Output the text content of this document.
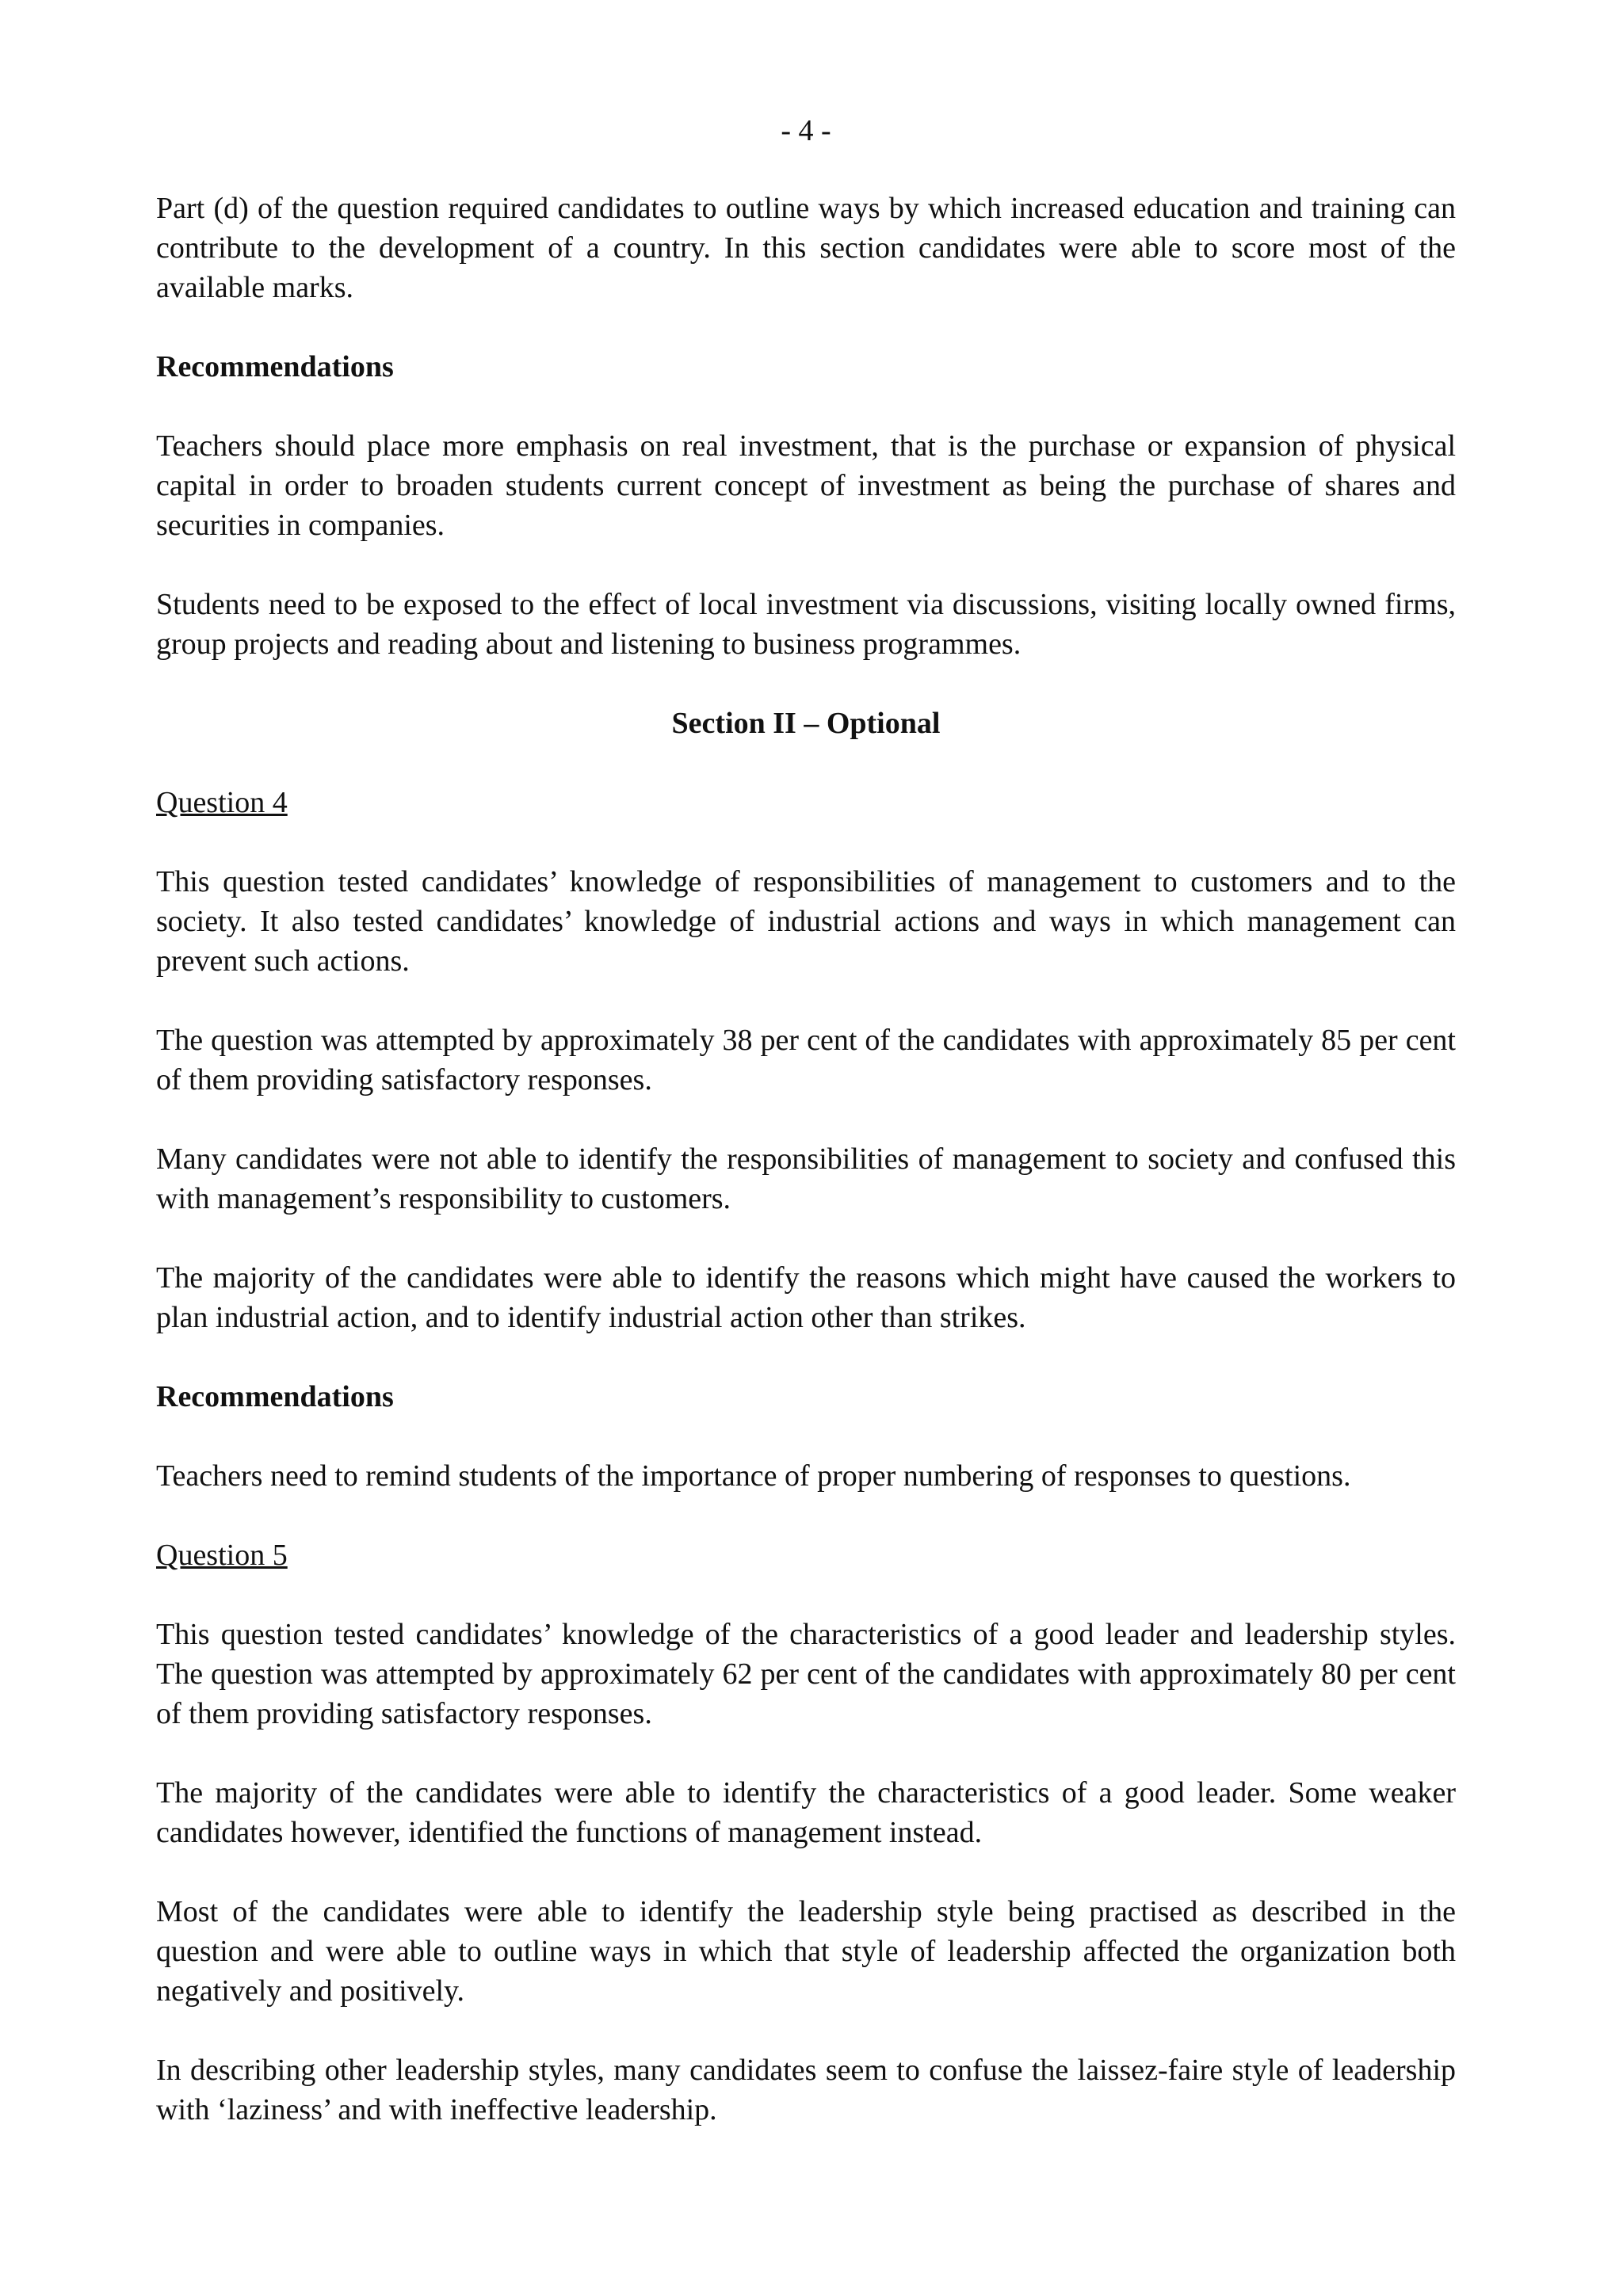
- 4 -

Part (d) of the question required candidates to outline ways by which increased education and training can contribute to the development of a country. In this section candidates were able to score most of the available marks.

Recommendations

Teachers should place more emphasis on real investment, that is the purchase or expansion of physical capital in order to broaden students current concept of investment as being the purchase of shares and securities in companies.

Students need to be exposed to the effect of local investment via discussions, visiting locally owned firms, group projects and reading about and listening to business programmes.

Section II – Optional
Question 4

This question tested candidates’ knowledge of responsibilities of management to customers and to the society. It also tested candidates’ knowledge of industrial actions and ways in which management can prevent such actions.

The question was attempted by approximately 38 per cent of the candidates with approximately 85 per cent of them providing satisfactory responses.

Many candidates were not able to identify the responsibilities of management to society and confused this with management’s responsibility to customers.

The majority of the candidates were able to identify the reasons which might have caused the workers to plan industrial action, and to identify industrial action other than strikes.

Recommendations

Teachers need to remind students of the importance of proper numbering of responses to questions.

Question 5

This question tested candidates’ knowledge of the characteristics of a good leader and leadership styles. The question was attempted by approximately 62 per cent of the candidates with approximately 80 per cent of them providing satisfactory responses.

The majority of the candidates were able to identify the characteristics of a good leader. Some weaker candidates however, identified the functions of management instead.

Most of the candidates were able to identify the leadership style being practised as described in the question and were able to outline ways in which that style of leadership affected the organization both negatively and positively.

In describing other leadership styles, many candidates seem to confuse the laissez-faire style of leadership with ‘laziness’ and with ineffective leadership.
